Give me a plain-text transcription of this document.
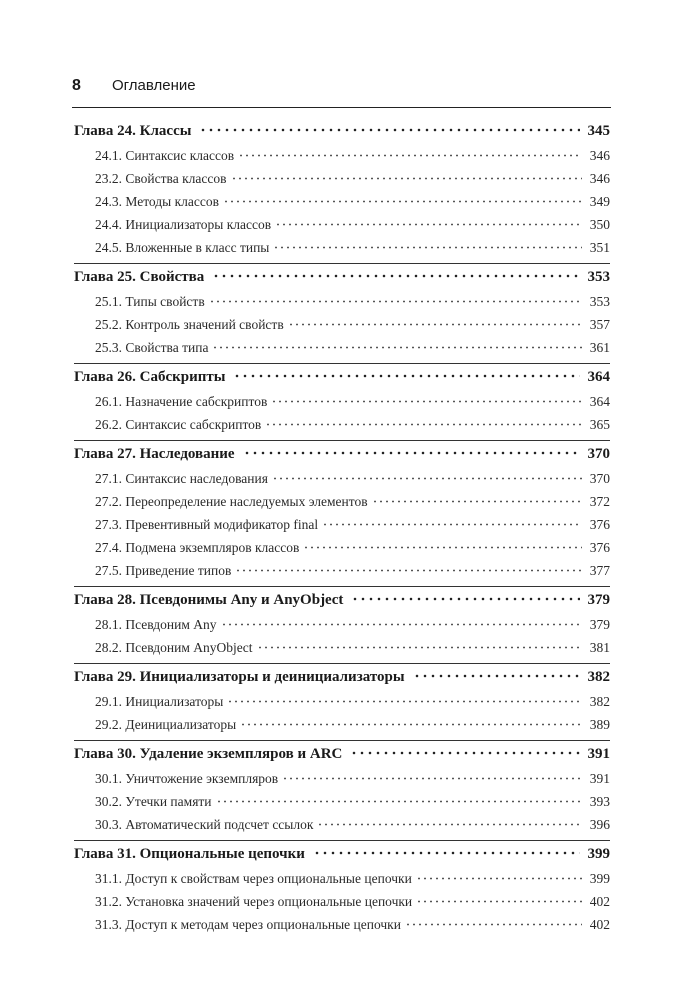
8	Оглавление
Глава 24. Классы	345
24.1. Синтаксис классов	346
23.2. Свойства классов	346
24.3. Методы классов	349
24.4. Инициализаторы классов	350
24.5. Вложенные в класс типы	351
Глава 25. Свойства	353
25.1. Типы свойств	353
25.2. Контроль значений свойств	357
25.3. Свойства типа	361
Глава 26. Сабскрипты	364
26.1. Назначение сабскриптов	364
26.2. Синтаксис сабскриптов	365
Глава 27. Наследование	370
27.1. Синтаксис наследования	370
27.2. Переопределение наследуемых элементов	372
27.3. Превентивный модификатор final	376
27.4. Подмена экземпляров классов	376
27.5. Приведение типов	377
Глава 28. Псевдонимы Any и AnyObject	379
28.1. Псевдоним Any	379
28.2. Псевдоним AnyObject	381
Глава 29. Инициализаторы и деинициализаторы	382
29.1. Инициализаторы	382
29.2. Деинициализаторы	389
Глава 30. Удаление экземпляров и ARC	391
30.1. Уничтожение экземпляров	391
30.2. Утечки памяти	393
30.3. Автоматический подсчет ссылок	396
Глава 31. Опциональные цепочки	399
31.1. Доступ к свойствам через опциональные цепочки	399
31.2. Установка значений через опциональные цепочки	402
31.3. Доступ к методам через опциональные цепочки	402
